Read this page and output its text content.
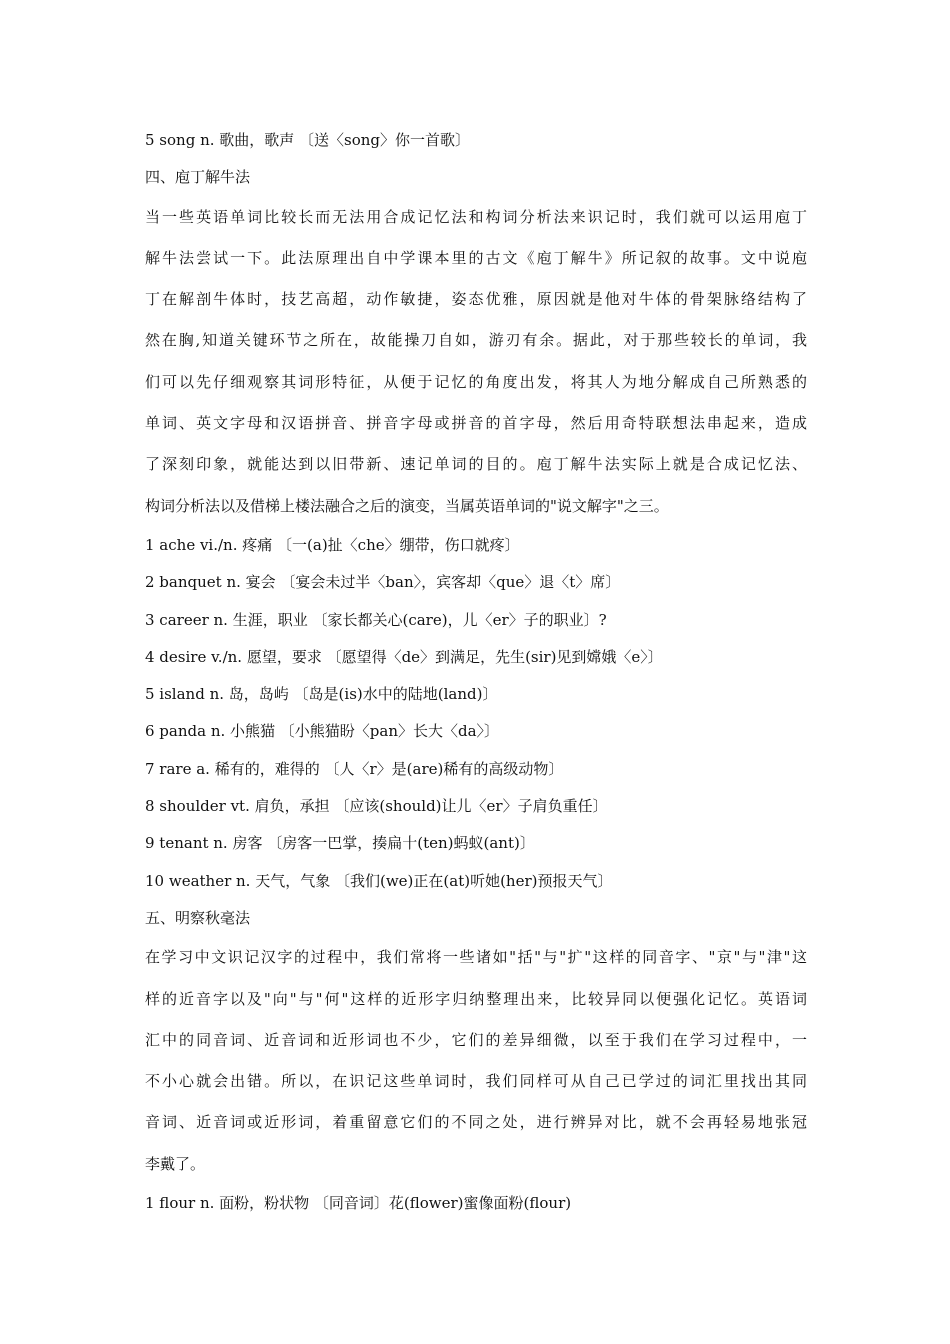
5 song n. 歌曲，歌声 〔送〈song〉你一首歌〕
四、庖丁解牛法
当一些英语单词比较长而无法用合成记忆法和构词分析法来识记时，我们就可以运用庖丁
解牛法尝试一下。此法原理出自中学课本里的古文《庖丁解牛》所记叙的故事。文中说庖
丁在解剖牛体时，技艺高超，动作敏捷，姿态优雅，原因就是他对牛体的骨架脉络结构了
然在胸,知道关键环节之所在，故能操刀自如，游刃有余。据此，对于那些较长的单词，我
们可以先仔细观察其词形特征，从便于记忆的角度出发，将其人为地分解成自己所熟悉的
单词、英文字母和汉语拼音、拼音字母或拼音的首字母，然后用奇特联想法串起来，造成
了深刻印象，就能达到以旧带新、速记单词的目的。庖丁解牛法实际上就是合成记忆法、
构词分析法以及借梯上楼法融合之后的演变，当属英语单词的"说文解字"之三。
1 ache vi./n. 疼痛 〔一(a)扯〈che〉绷带，伤口就疼〕
2 banquet n. 宴会 〔宴会未过半〈ban〉，宾客却〈que〉退〈t〉席〕
3 career n. 生涯，职业 〔家长都关心(care)，儿〈er〉子的职业〕?
4 desire v./n. 愿望，要求 〔愿望得〈de〉到满足，先生(sir)见到嫦娥〈e〉〕
5 island n. 岛，岛屿 〔岛是(is)水中的陆地(land)〕
6 panda n. 小熊猫 〔小熊猫盼〈pan〉长大〈da〉〕
7 rare a. 稀有的，难得的 〔人〈r〉是(are)稀有的高级动物〕
8 shoulder vt. 肩负，承担 〔应该(should)让儿〈er〉子肩负重任〕
9 tenant n. 房客 〔房客一巴掌，揍扁十(ten)蚂蚁(ant)〕
10 weather n. 天气，气象 〔我们(we)正在(at)听她(her)预报天气〕
五、明察秋毫法
在学习中文识记汉字的过程中，我们常将一些诸如"括"与"扩"这样的同音字、"京"与"津"这
样的近音字以及"向"与"何"这样的近形字归纳整理出来，比较异同以便强化记忆。英语词
汇中的同音词、近音词和近形词也不少，它们的差异细微，以至于我们在学习过程中，一
不小心就会出错。所以，在识记这些单词时，我们同样可从自己已学过的词汇里找出其同
音词、近音词或近形词，着重留意它们的不同之处，进行辨异对比，就不会再轻易地张冠
李戴了。
1 flour n. 面粉，粉状物 〔同音词〕花(flower)蜜像面粉(flour)
